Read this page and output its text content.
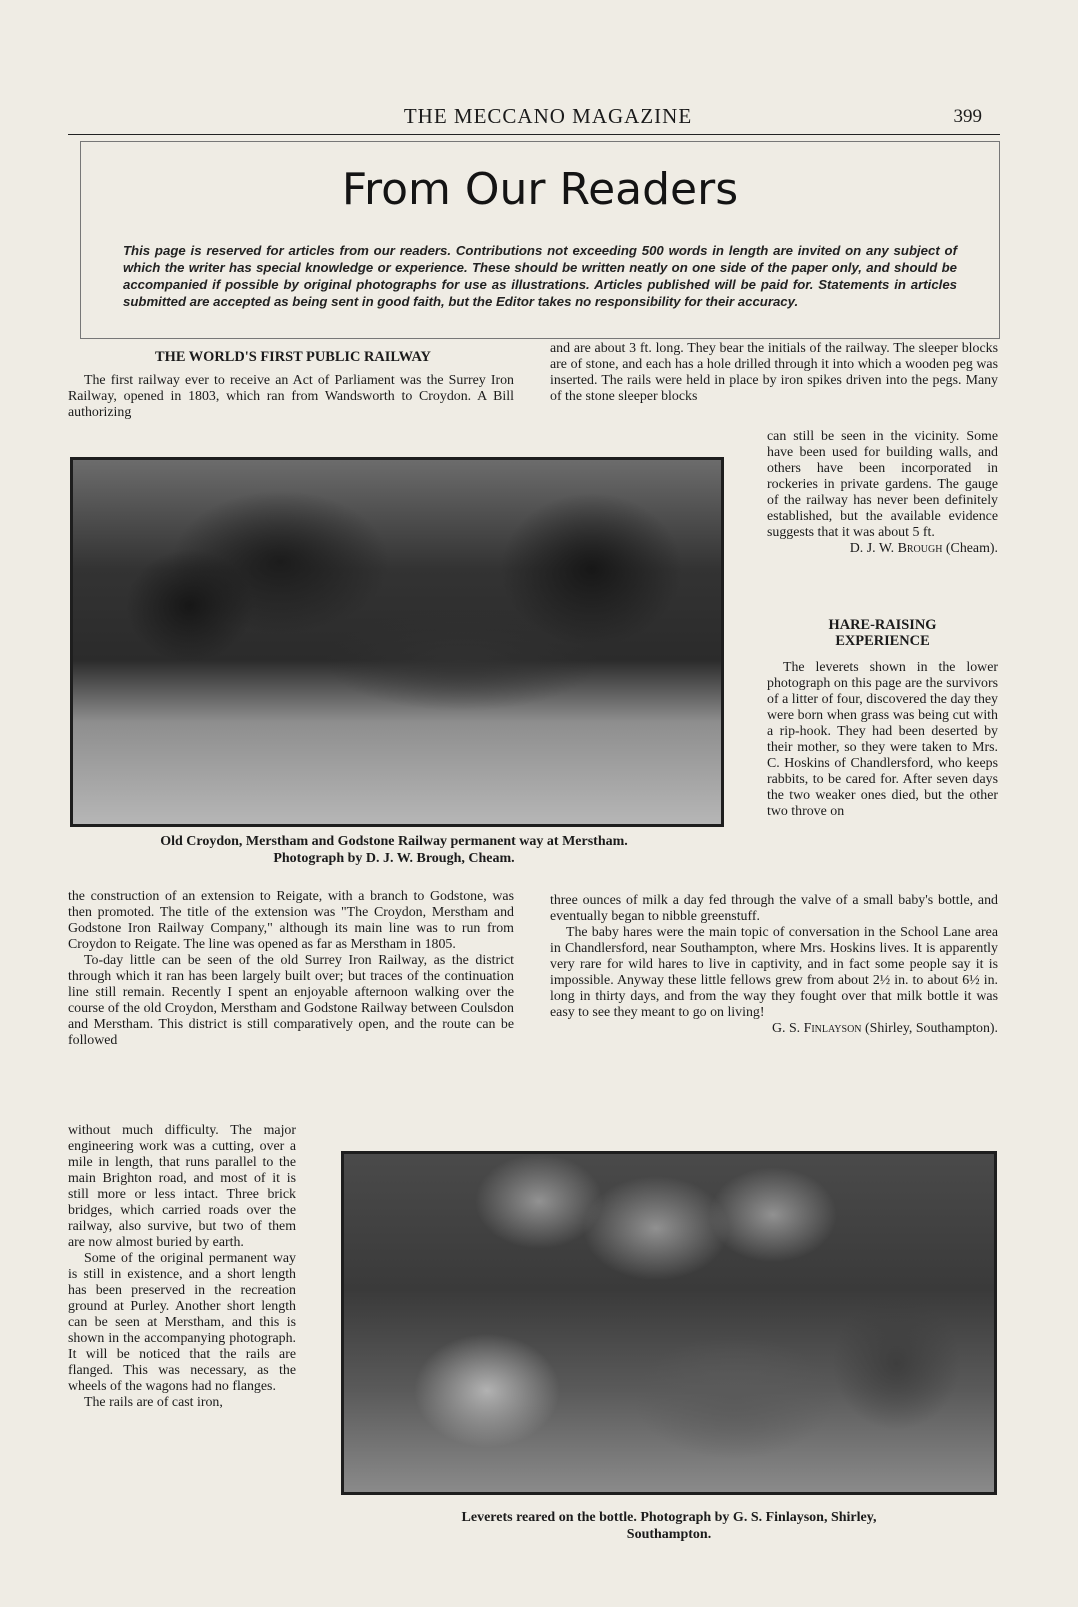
THE MECCANO MAGAZINE	399
From Our Readers
This page is reserved for articles from our readers. Contributions not exceeding 500 words in length are invited on any subject of which the writer has special knowledge or experience. These should be written neatly on one side of the paper only, and should be accompanied if possible by original photographs for use as illustrations. Articles published will be paid for. Statements in articles submitted are accepted as being sent in good faith, but the Editor takes no responsibility for their accuracy.
THE WORLD'S FIRST PUBLIC RAILWAY

The first railway ever to receive an Act of Parliament was the Surrey Iron Railway, opened in 1803, which ran from Wandsworth to Croydon. A Bill authorizing

and are about 3 ft. long. They bear the initials of the railway. The sleeper blocks are of stone, and each has a hole drilled through it into which a wooden peg was inserted. The rails were held in place by iron spikes driven into the pegs. Many of the stone sleeper blocks

can still be seen in the vicinity. Some have been used for building walls, and others have been incorporated in rockeries in private gardens. The gauge of the railway has never been definitely established, but the available evidence suggests that it was about 5 ft.

D. J. W. Brough (Cheam).

Old Croydon, Merstham and Godstone Railway permanent way at Merstham.
Photograph by D. J. W. Brough, Cheam.

the construction of an extension to Reigate, with a branch to Godstone, was then promoted. The title of the extension was "The Croydon, Merstham and Godstone Iron Railway Company," although its main line was to run from Croydon to Reigate. The line was opened as far as Merstham in 1805.

To-day little can be seen of the old Surrey Iron Railway, as the district through which it ran has been largely built over; but traces of the continuation line still remain. Recently I spent an enjoyable afternoon walking over the course of the old Croydon, Merstham and Godstone Railway between Coulsdon and Merstham. This district is still comparatively open, and the route can be followed

without much difficulty. The major engineering work was a cutting, over a mile in length, that runs parallel to the main Brighton road, and most of it is still more or less intact. Three brick bridges, which carried roads over the railway, also survive, but two of them are now almost buried by earth.

Some of the original permanent way is still in existence, and a short length has been preserved in the recreation ground at Purley. Another short length can be seen at Merstham, and this is shown in the accompanying photograph. It will be noticed that the rails are flanged. This was necessary, as the wheels of the wagons had no flanges.

The rails are of cast iron,

HARE-RAISING
EXPERIENCE

The leverets shown in the lower photograph on this page are the survivors of a litter of four, discovered the day they were born when grass was being cut with a rip-hook. They had been deserted by their mother, so they were taken to Mrs. C. Hoskins of Chandlersford, who keeps rabbits, to be cared for. After seven days the two weaker ones died, but the other two throve on

three ounces of milk a day fed through the valve of a small baby's bottle, and eventually began to nibble greenstuff.

The baby hares were the main topic of conversation in the School Lane area in Chandlersford, near Southampton, where Mrs. Hoskins lives. It is apparently very rare for wild hares to live in captivity, and in fact some people say it is impossible. Anyway these little fellows grew from about 2½ in. to about 6½ in. long in thirty days, and from the way they fought over that milk bottle it was easy to see they meant to go on living!

G. S. Finlayson (Shirley, Southampton).

Leverets reared on the bottle. Photograph by G. S. Finlayson, Shirley,
Southampton.
